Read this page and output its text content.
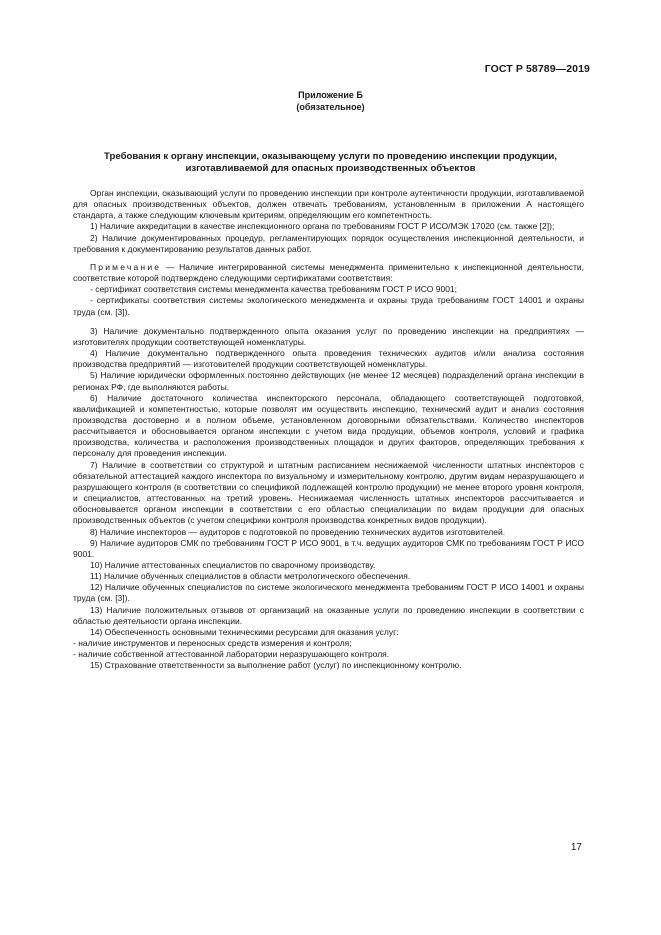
ГОСТ Р 58789—2019
Приложение Б
(обязательное)
Требования к органу инспекции, оказывающему услуги по проведению инспекции продукции,
изготавливаемой для опасных производственных объектов

Орган инспекции, оказывающий услуги по проведению инспекции при контроле аутентичности продукции, изготавливаемой для опасных производственных объектов, должен отвечать требованиям, установленным в приложении А настоящего стандарта, а также следующим ключевым критериям, определяющим его компетентность.

1) Наличие аккредитации в качестве инспекционного органа по требованиям ГОСТ Р ИСО/МЭК 17020 (см. также [2]);

2) Наличие документированных процедур, регламентирующих порядок осуществления инспекционной деятельности, и требования к документированию результатов данных работ.

Примечание — Наличие интегрированной системы менеджмента применительно к инспекционной деятельности, соответствие которой подтверждено следующими сертификатами соответствия:

- сертификат соответствия системы менеджмента качества требованиям ГОСТ Р ИСО 9001;

- сертификаты соответствия системы экологического менеджмента и охраны труда требованиям ГОСТ 14001 и охраны труда (см. [3]).

3) Наличие документально подтвержденного опыта оказания услуг по проведению инспекции на предприятиях — изготовителях продукции соответствующей номенклатуры.

4) Наличие документально подтвержденного опыта проведения технических аудитов и/или анализа состояния производства предприятий — изготовителей продукции соответствующей номенклатуры.

5) Наличие юридически оформленных постоянно действующих (не менее 12 месяцев) подразделений органа инспекции в регионах РФ, где выполняются работы.

6) Наличие достаточного количества инспекторского персонала, обладающего соответствующей подготовкой, квалификацией и компетентностью, которые позволят им осуществить инспекцию, технический аудит и анализ состояния производства достоверно и в полном объеме, установленном договорными обязательствами. Количество инспекторов рассчитывается и обосновывается органом инспекции с учетом вида продукции, объемов контроля, условий и графика производства, количества и расположения производственных площадок и других факторов, определяющих требования к персоналу для проведения инспекции.

7) Наличие в соответствии со структурой и штатным расписанием неснижаемой численности штатных инспекторов с обязательной аттестацией каждого инспектора по визуальному и измерительному контролю, другим видам неразрушающего и разрушающего контроля (в соответствии со спецификой подлежащей контролю продукции) не менее второго уровня контроля, и специалистов, аттестованных на третий уровень. Неснижаемая численность штатных инспекторов рассчитывается и обосновывается органом инспекции в соответствии с его областью специализации по видам продукции для опасных производственных объектов (с учетом специфики контроля производства конкретных видов продукции).

8) Наличие инспекторов — аудиторов с подготовкой по проведению технических аудитов изготовителей.

9) Наличие аудиторов СМК по требованиям ГОСТ Р ИСО 9001, в т.ч. ведущих аудиторов СМК по требованиям ГОСТ Р ИСО 9001.

10) Наличие аттестованных специалистов по сварочному производству.

11) Наличие обученных специалистов в области метрологического обеспечения.

12) Наличие обученных специалистов по системе экологического менеджмента требованиям ГОСТ Р ИСО 14001 и охраны труда (см. [3]).

13) Наличие положительных отзывов от организаций на оказанные услуги по проведению инспекции в соответствии с областью деятельности органа инспекции.

14) Обеспеченность основными техническими ресурсами для оказания услуг:

- наличие инструментов и переносных средств измерения и контроля;

- наличие собственной аттестованной лаборатории неразрушающего контроля.

15) Страхование ответственности за выполнение работ (услуг) по инспекционному контролю.

17
